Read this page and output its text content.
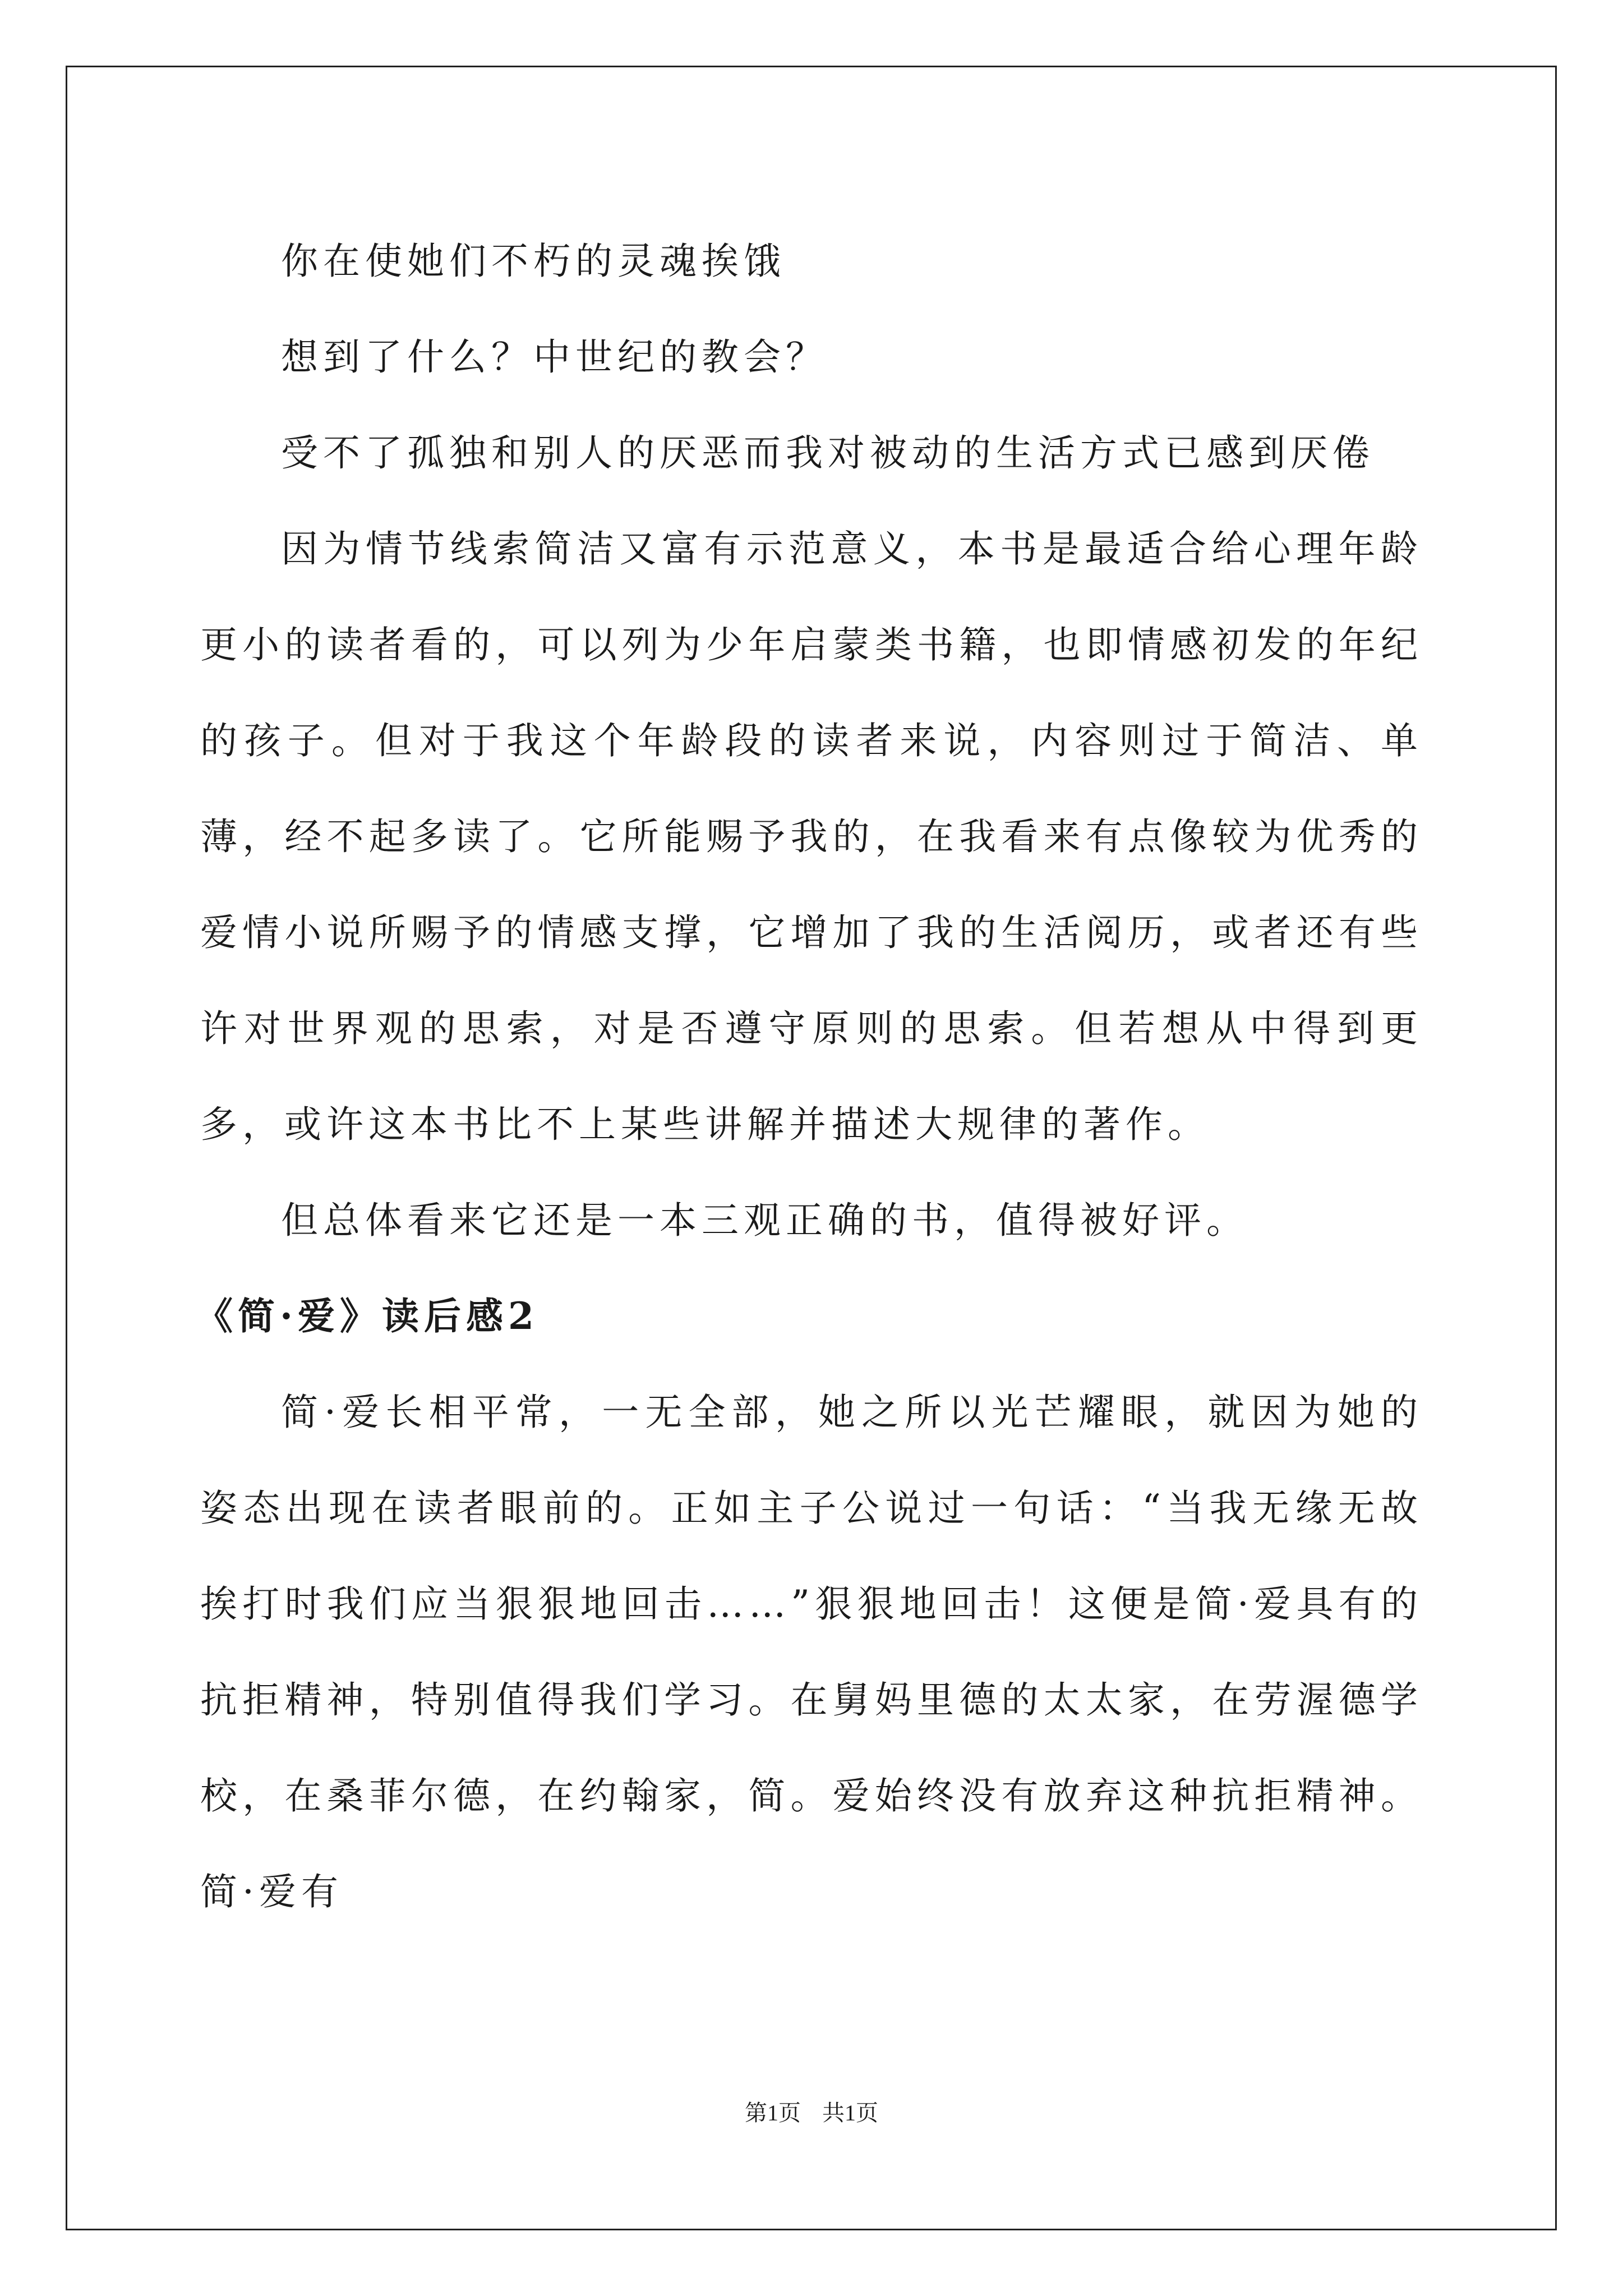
你在使她们不朽的灵魂挨饿

想到了什么？中世纪的教会？

受不了孤独和别人的厌恶而我对被动的生活方式已感到厌倦

因为情节线索简洁又富有示范意义，本书是最适合给心理年龄更小的读者看的，可以列为少年启蒙类书籍，也即情感初发的年纪的孩子。但对于我这个年龄段的读者来说，内容则过于简洁、单薄，经不起多读了。它所能赐予我的，在我看来有点像较为优秀的爱情小说所赐予的情感支撑，它增加了我的生活阅历，或者还有些许对世界观的思索，对是否遵守原则的思索。但若想从中得到更多，或许这本书比不上某些讲解并描述大规律的著作。

但总体看来它还是一本三观正确的书，值得被好评。

《简·爱》读后感2

简·爱长相平常，一无全部，她之所以光芒耀眼，就因为她的姿态出现在读者眼前的。正如主子公说过一句话：“当我无缘无故挨打时我们应当狠狠地回击……”狠狠地回击！这便是简·爱具有的抗拒精神，特别值得我们学习。在舅妈里德的太太家，在劳渥德学校，在桑菲尔德，在约翰家，简。爱始终没有放弃这种抗拒精神。简·爱有

第1页 共1页
